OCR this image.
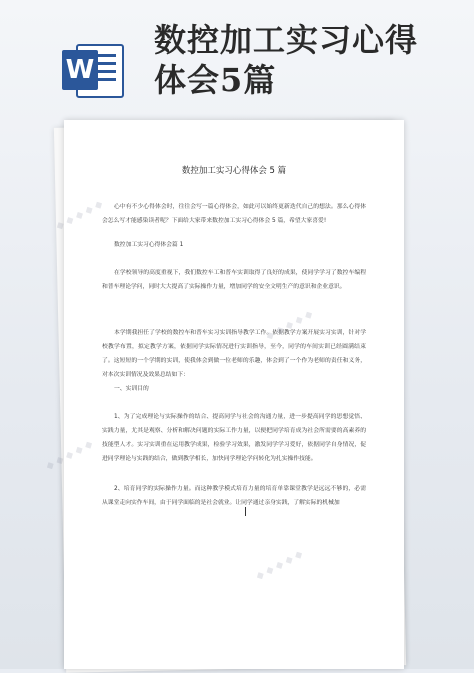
W
数控加工实习心得
体会5篇
数控加工实习心得体会 5 篇
心中有不少心得体会时，往往会写一篇心得体会，如此可以始终更新迭代自己的想法。那么心得体会怎么写才能感染读者呢？下面给大家带来数控加工实习心得体会 5 篇，希望大家喜爱!
数控加工实习心得体会篇 1
在学校领导的高度重视下，我们数控车工和普车实训取得了良好的成果，使同学学习了数控车编程和普车理论学问，同时大大提高了实际操作力量，增加同学的安全文明生产的意识和企业意识。
本学期我担任了学校的数控车和普车实习实训指导教学工作。依据教学方案开展实习实训，针对学校教学布置，拟定教学方案，依据同学实际情况进行实训指导，至今，同学的车间实训已经圆满结束了。这短短的一个学期的实训，使我体会到做一位老师的乐趣，体会到了一个作为老师的责任和义务，对本次实训情况及效果总结如下：
一、实训目的
1、为了完成理论与实际操作的结合、提高同学与社会的沟通力量，进一步提高同学的思想觉悟、实践力量，尤其是观察、分析和解决问题的实际工作力量，以便把同学培育成为社会所需要的高素养的技能型人才。实习实训重在运用教学成果，检验学习效果，激发同学学习爱好，依据同学自身情况，促进同学理论与实践的结合，做到教学相长，加快同学理论学问转化为扎实操作技能。
2、培育同学的实际操作力量。而这种教学模式培育力量的培育单靠课堂教学是远远不够的，必需从课堂走向实作车间，由于同学面临的是社会就业。让同学通过亲身实践，了解实际的机械加
◆ ◆ ◆ ◆ ◆
◆ ◆ ◆ ◆ ◆
◆ ◆ ◆ ◆ ◆
◆ ◆ ◆ ◆ ◆
